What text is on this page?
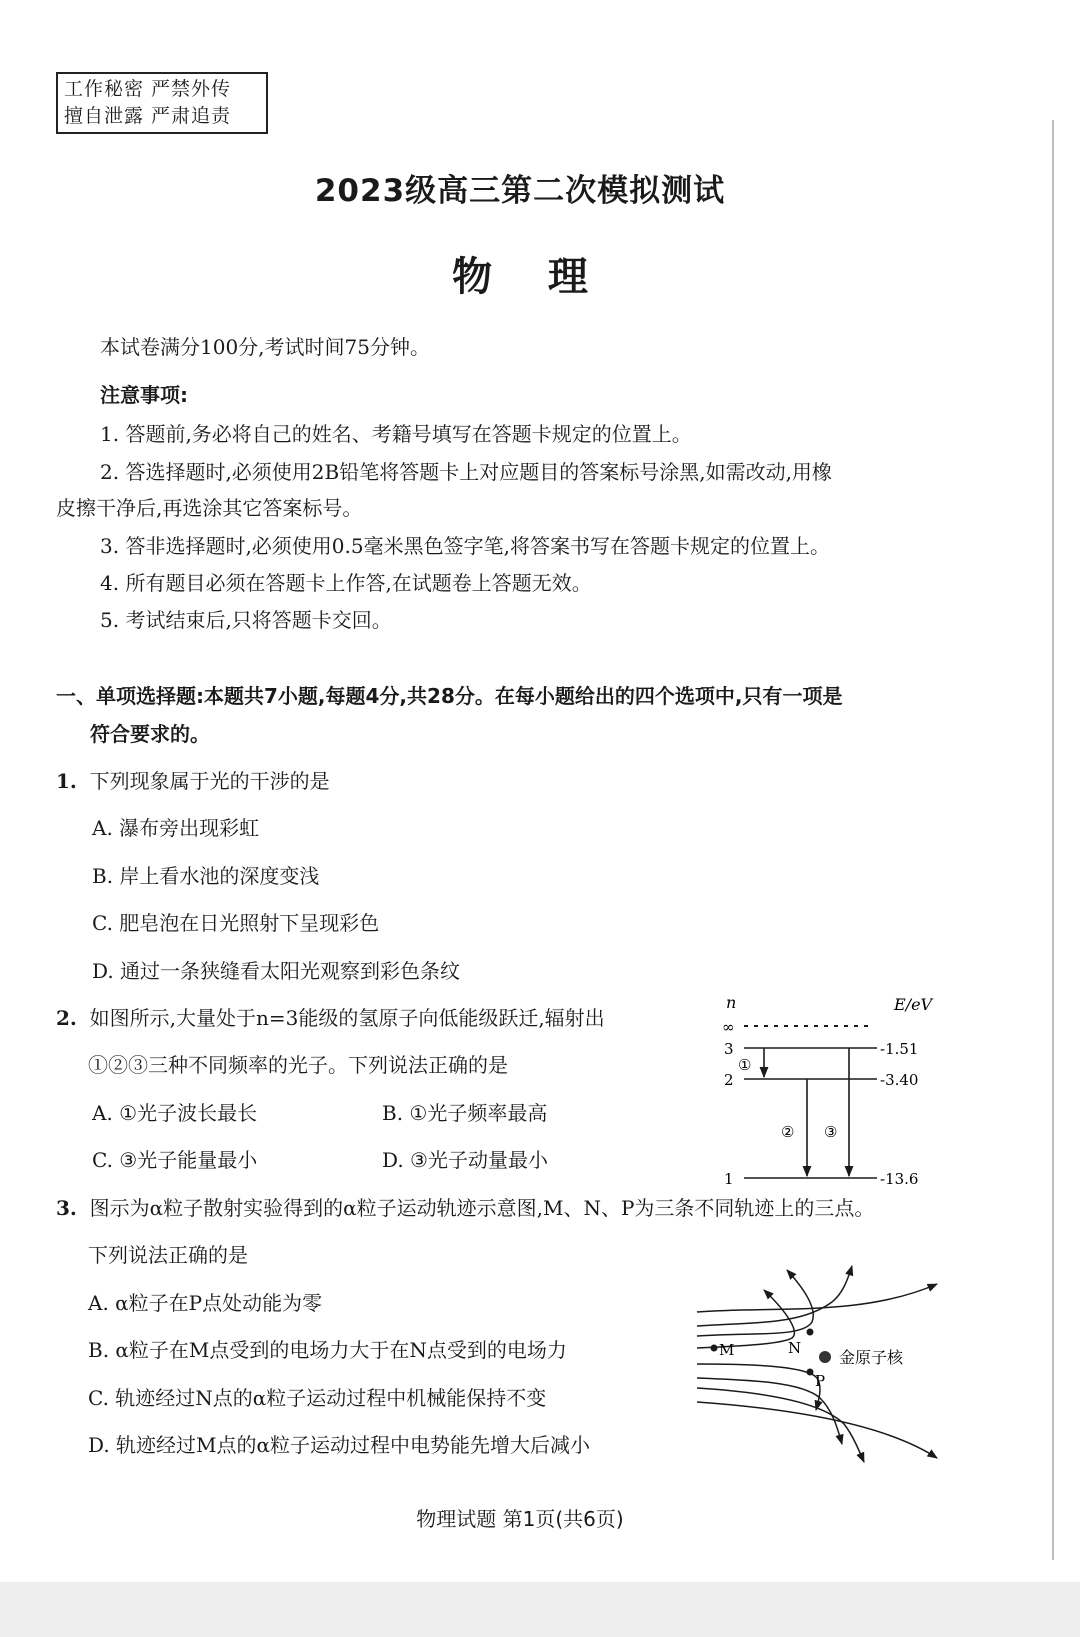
工作秘密 严禁外传
擅自泄露 严肃追责
2023级高三第二次模拟测试
物    理
本试卷满分100分,考试时间75分钟。
注意事项:
1. 答题前,务必将自己的姓名、考籍号填写在答题卡规定的位置上。
2. 答选择题时,必须使用2B铅笔将答题卡上对应题目的答案标号涂黑,如需改动,用橡
皮擦干净后,再选涂其它答案标号。
3. 答非选择题时,必须使用0.5毫米黑色签字笔,将答案书写在答题卡规定的位置上。
4. 所有题目必须在答题卡上作答,在试题卷上答题无效。
5. 考试结束后,只将答题卡交回。
一、单项选择题:本题共7小题,每题4分,共28分。在每小题给出的四个选项中,只有一项是
符合要求的。
1. 下列现象属于光的干涉的是
A. 瀑布旁出现彩虹
B. 岸上看水池的深度变浅
C. 肥皂泡在日光照射下呈现彩色
D. 通过一条狭缝看太阳光观察到彩色条纹
2. 如图所示,大量处于n=3能级的氢原子向低能级跃迁,辐射出
①②③三种不同频率的光子。下列说法正确的是
A. ①光子波长最长	B. ①光子频率最高
C. ③光子能量最小	D. ③光子动量最小
n	E/eV
∞
3	-1.51
2	-3.40
1	-13.6
①
② ③
3. 图示为α粒子散射实验得到的α粒子运动轨迹示意图,M、N、P为三条不同轨迹上的三点。
下列说法正确的是
A. α粒子在P点处动能为零
B. α粒子在M点受到的电场力大于在N点受到的电场力
C. 轨迹经过N点的α粒子运动过程中机械能保持不变
D. 轨迹经过M点的α粒子运动过程中电势能先增大后减小
M	N
P
金原子核
物理试题 第1页(共6页)
